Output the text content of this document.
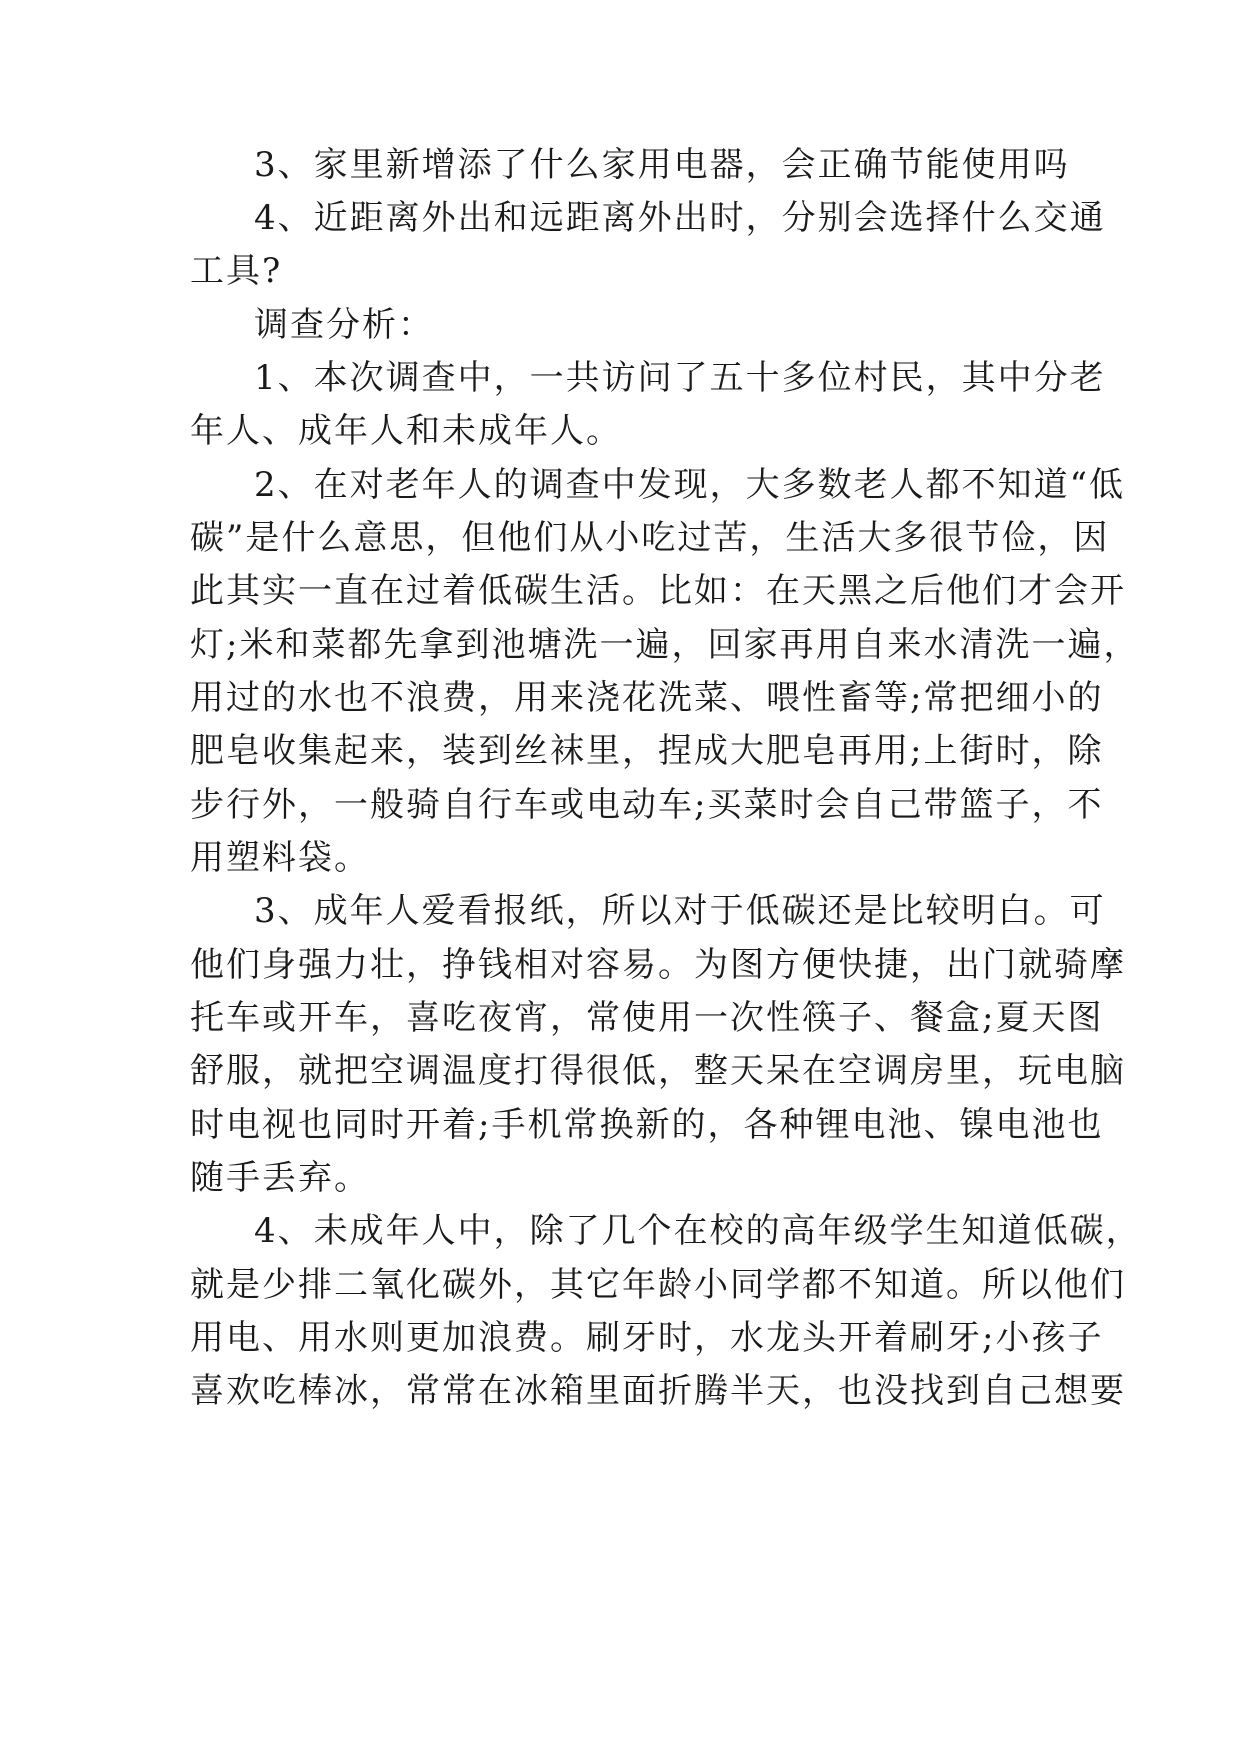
3、家里新增添了什么家用电器，会正确节能使用吗
4、近距离外出和远距离外出时，分别会选择什么交通
工具?
调查分析：
1、本次调查中，一共访问了五十多位村民，其中分老
年人、成年人和未成年人。
2、在对老年人的调查中发现，大多数老人都不知道“低
碳”是什么意思，但他们从小吃过苦，生活大多很节俭，因
此其实一直在过着低碳生活。比如：在天黑之后他们才会开
灯;米和菜都先拿到池塘洗一遍，回家再用自来水清洗一遍，
用过的水也不浪费，用来浇花洗菜、喂性畜等;常把细小的
肥皂收集起来，装到丝袜里，捏成大肥皂再用;上街时，除
步行外，一般骑自行车或电动车;买菜时会自己带篮子，不
用塑料袋。
3、成年人爱看报纸，所以对于低碳还是比较明白。可
他们身强力壮，挣钱相对容易。为图方便快捷，出门就骑摩
托车或开车，喜吃夜宵，常使用一次性筷子、餐盒;夏天图
舒服，就把空调温度打得很低，整天呆在空调房里，玩电脑
时电视也同时开着;手机常换新的，各种锂电池、镍电池也
随手丢弃。
4、未成年人中，除了几个在校的高年级学生知道低碳，
就是少排二氧化碳外，其它年龄小同学都不知道。所以他们
用电、用水则更加浪费。刷牙时，水龙头开着刷牙;小孩子
喜欢吃棒冰，常常在冰箱里面折腾半天，也没找到自己想要
